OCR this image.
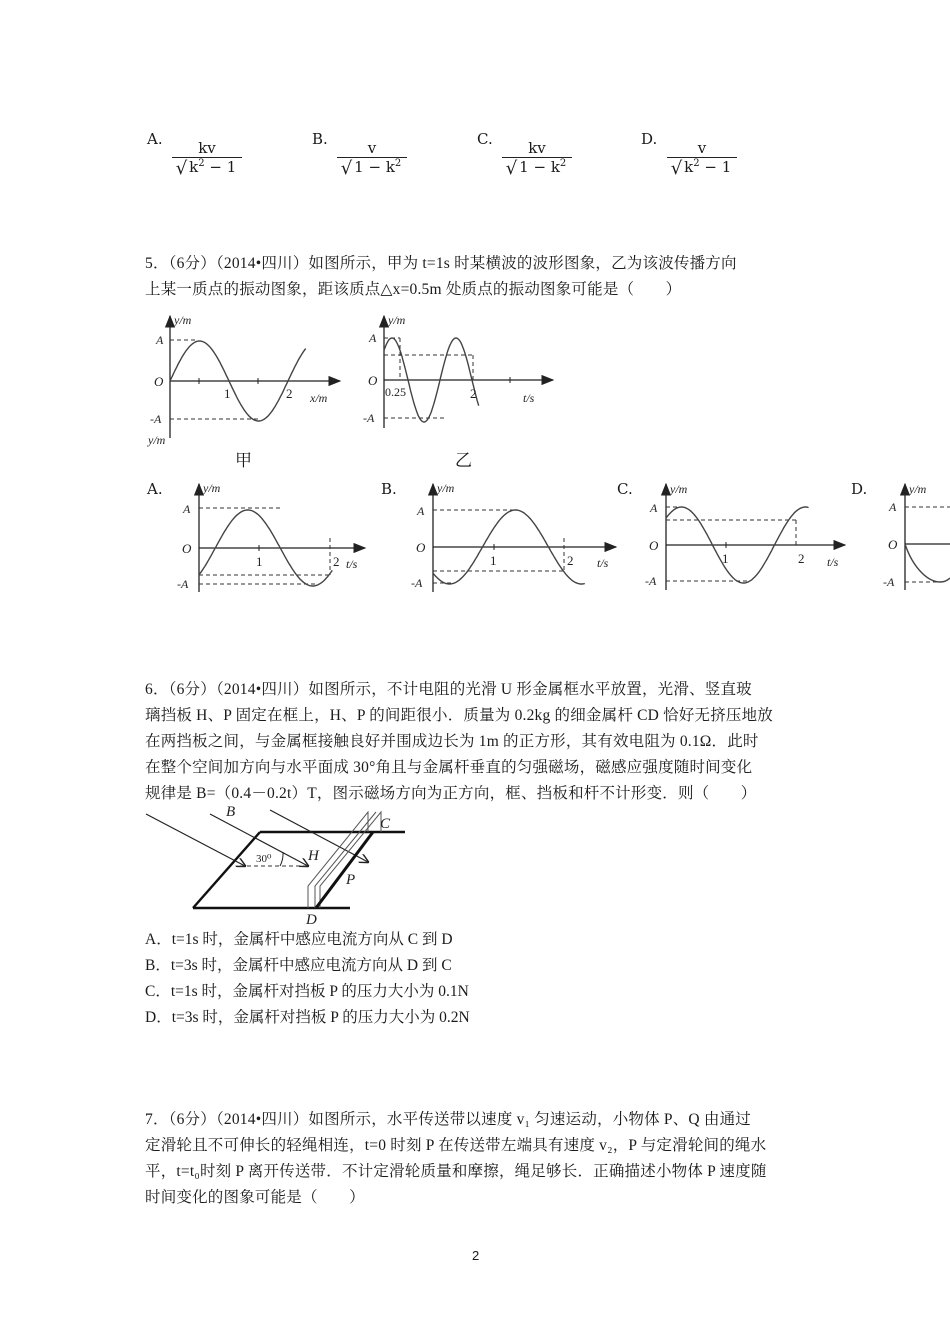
A.	kv
√ $k^2 - 1$
B.	v
√ $1 - k^2$
C.	kv
√ $1 - k^2$
D.	v
√ $k^2 - 1$
5．（6分）（2014•四川）如图所示，甲为 t=1s 时某横波的波形图象，乙为该波传播方向
上某一质点的振动图象，距该质点△x=0.5m 处质点的振动图象可能是（　　）
y/m
A
O
-A
1	2 x/m
y/m
甲
y/m
A
O
-A
0.25	2	t/s
乙
A.	y/m
A
O
-A
1	2 t/s
B.	y/m
A
O
-A
1	2 t/s
C.	y/m
A
O
-A
1	2 t/s
D.	y/m
A
O
-A
6．（6分）（2014•四川）如图所示，不计电阻的光滑 U 形金属框水平放置，光滑、竖直玻
璃挡板 H、P 固定在框上，H、P 的间距很小．质量为 0.2kg 的细金属杆 CD 恰好无挤压地放
在两挡板之间，与金属框接触良好并围成边长为 1m 的正方形，其有效电阻为 0.1Ω．此时
在整个空间加方向与水平面成 30°角且与金属杆垂直的匀强磁场，磁感应强度随时间变化
规律是 B=（0.4－0.2t）T，图示磁场方向为正方向，框、挡板和杆不计形变．则（　　）
B
30⁰ H
P
C
D
A．t=1s 时，金属杆中感应电流方向从 C 到 D
B．t=3s 时，金属杆中感应电流方向从 D 到 C
C．t=1s 时，金属杆对挡板 P 的压力大小为 0.1N
D．t=3s 时，金属杆对挡板 P 的压力大小为 0.2N
7．（6分）（2014•四川）如图所示，水平传送带以速度 v₁ 匀速运动，小物体 P、Q 由通过
定滑轮且不可伸长的轻绳相连，t=0 时刻 P 在传送带左端具有速度 v₂，P 与定滑轮间的绳水
平，t=t₀时刻 P 离开传送带．不计定滑轮质量和摩擦，绳足够长．正确描述小物体 P 速度随
时间变化的图象可能是（　　）
2
